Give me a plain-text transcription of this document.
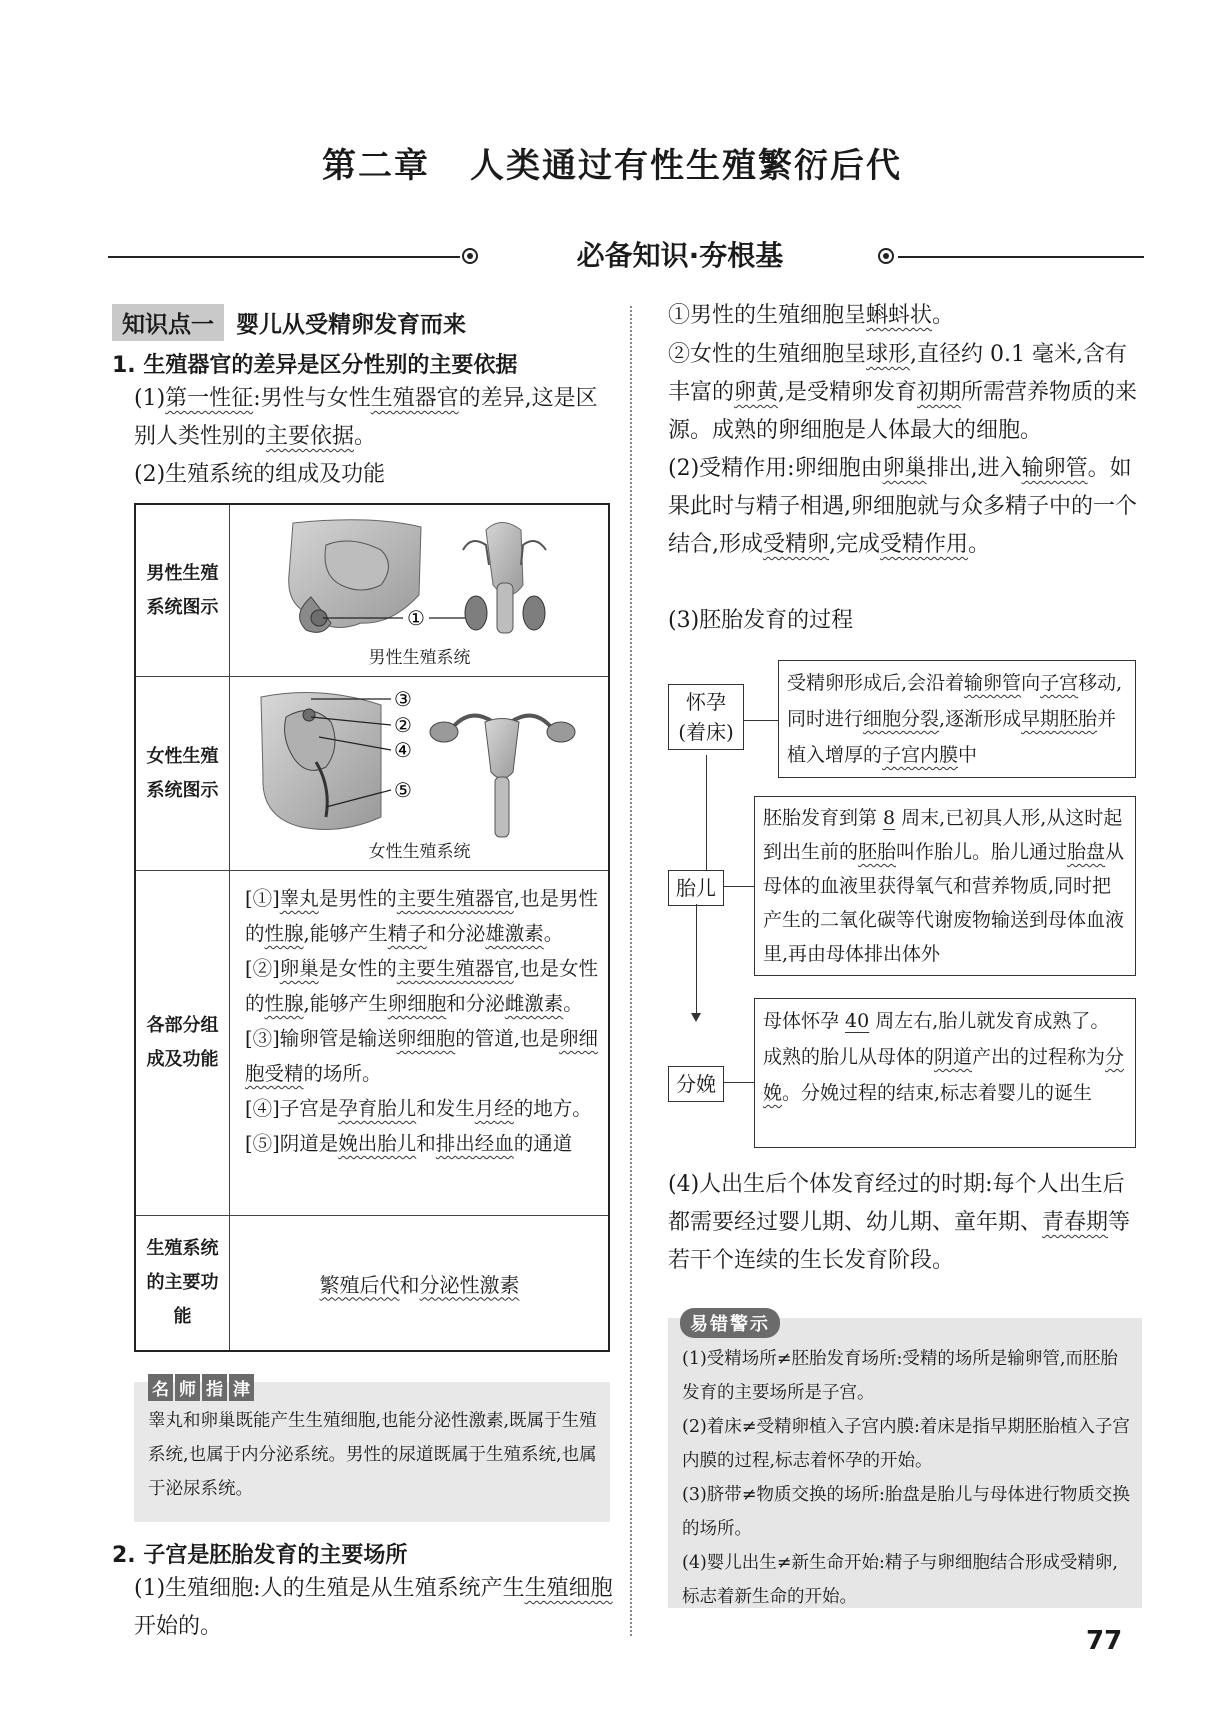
第二章 人类通过有性生殖繁衍后代
必备知识·夯根基
知识点一 婴儿从受精卵发育而来
1. 生殖器官的差异是区分性别的主要依据
(1)第一性征:男性与女性生殖器官的差异,这是区别人类性别的主要依据。
(2)生殖系统的组成及功能
男性生殖系统图示	①
男性生殖系统
女性生殖系统图示
③
②
④
⑤
女性生殖系统
各部分组成及功能

[①]睾丸是男性的主要生殖器官,也是男性的性腺,能够产生精子和分泌雄激素。

[②]卵巢是女性的主要生殖器官,也是女性的性腺,能够产生卵细胞和分泌雌激素。

[③]输卵管是输送卵细胞的管道,也是卵细胞受精的场所。

[④]子宫是孕育胎儿和发生月经的地方。

[⑤]阴道是娩出胎儿和排出经血的通道

生殖系统的主要功能
繁殖后代 和 分泌性激素
名 师 指 津
睾丸和卵巢既能产生生殖细胞,也能分泌性激素,既属于生殖系统,也属于内分泌系统。男性的尿道既属于生殖系统,也属于泌尿系统。
2. 子宫是胚胎发育的主要场所
(1)生殖细胞:人的生殖是从生殖系统产生生殖细胞开始的。
①男性的生殖细胞呈蝌蚪状。
②女性的生殖细胞呈球形,直径约 0.1 毫米,含有丰富的卵黄,是受精卵发育初期所需营养物质的来源。成熟的卵细胞是人体最大的细胞。
(2)受精作用:卵细胞由卵巢排出,进入输卵管。如果此时与精子相遇,卵细胞就与众多精子中的一个结合,形成受精卵,完成受精作用。
(3)胚胎发育的过程
怀孕
(着床)
受精卵形成后,会沿着输卵管向子宫移动,同时进行细胞分裂,逐渐形成早期胚胎并植入增厚的子宫内膜中
胎儿
胚胎发育到第 8 周末,已初具人形,从这时起到出生前的胚胎叫作胎儿。胎儿通过胎盘从母体的血液里获得氧气和营养物质,同时把产生的二氧化碳等代谢废物输送到母体血液里,再由母体排出体外
分娩
母体怀孕 40 周左右,胎儿就发育成熟了。成熟的胎儿从母体的阴道产出的过程称为分娩。分娩过程的结束,标志着婴儿的诞生
(4)人出生后个体发育经过的时期:每个人出生后都需要经过婴儿期、幼儿期、童年期、青春期等若干个连续的生长发育阶段。
易错警示
(1)受精场所≠胚胎发育场所:受精的场所是输卵管,而胚胎发育的主要场所是子宫。
(2)着床≠受精卵植入子宫内膜:着床是指早期胚胎植入子宫内膜的过程,标志着怀孕的开始。
(3)脐带≠物质交换的场所:胎盘是胎儿与母体进行物质交换的场所。
(4)婴儿出生≠新生命开始:精子与卵细胞结合形成受精卵,标志着新生命的开始。
77
